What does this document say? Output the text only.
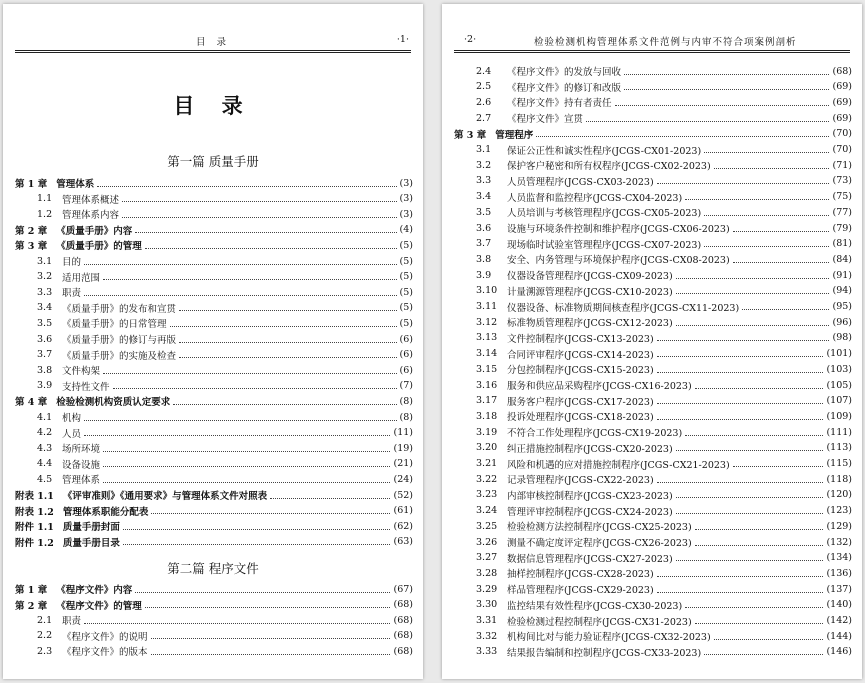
目 录	·1·
目 录
第一篇 质量手册
第 1 章 管理体系	(3)
1.1	管理体系概述	(3)
1.2	管理体系内容	(3)
第 2 章 《质量手册》内容	(4)
第 3 章 《质量手册》的管理	(5)
3.1	目的	(5)
3.2	适用范围	(5)
3.3	职责	(5)
3.4	《质量手册》的发布和宣贯	(5)
3.5	《质量手册》的日常管理	(5)
3.6	《质量手册》的修订与再版	(6)
3.7	《质量手册》的实施及检查	(6)
3.8	文件构架	(6)
3.9	支持性文件	(7)
第 4 章 检验检测机构资质认定要求	(8)
4.1	机构	(8)
4.2	人员	(11)
4.3	场所环境	(19)
4.4	设备设施	(21)
4.5	管理体系	(24)
附表 1.1 《评审准则》《通用要求》与管理体系文件对照表	(52)
附表 1.2 管理体系职能分配表	(61)
附件 1.1 质量手册封面	(62)
附件 1.2 质量手册目录	(63)
第二篇 程序文件
第 1 章 《程序文件》内容	(67)
第 2 章 《程序文件》的管理	(68)
2.1	职责	(68)
2.2	《程序文件》的说明	(68)
2.3	《程序文件》的版本	(68)
·2·	检验检测机构管理体系文件范例与内审不符合项案例剖析
2.4	《程序文件》的发放与回收	(68)
2.5	《程序文件》的修订和改版	(69)
2.6	《程序文件》持有者责任	(69)
2.7	《程序文件》宣贯	(69)
第 3 章 管理程序	(70)
3.1	保证公正性和诚实性程序(JCGS-CX01-2023)	(70)
3.2	保护客户秘密和所有权程序(JCGS-CX02-2023)	(71)
3.3	人员管理程序(JCGS-CX03-2023)	(73)
3.4	人员监督和监控程序(JCGS-CX04-2023)	(75)
3.5	人员培训与考核管理程序(JCGS-CX05-2023)	(77)
3.6	设施与环境条件控制和维护程序(JCGS-CX06-2023)	(79)
3.7	现场临时试验室管理程序(JCGS-CX07-2023)	(81)
3.8	安全、内务管理与环境保护程序(JCGS-CX08-2023)	(84)
3.9	仪器设备管理程序(JCGS-CX09-2023)	(91)
3.10	计量溯源管理程序(JCGS-CX10-2023)	(94)
3.11	仪器设备、标准物质期间核查程序(JCGS-CX11-2023)	(95)
3.12	标准物质管理程序(JCGS-CX12-2023)	(96)
3.13	文件控制程序(JCGS-CX13-2023)	(98)
3.14	合同评审程序(JCGS-CX14-2023)	(101)
3.15	分包控制程序(JCGS-CX15-2023)	(103)
3.16	服务和供应品采购程序(JCGS-CX16-2023)	(105)
3.17	服务客户程序(JCGS-CX17-2023)	(107)
3.18	投诉处理程序(JCGS-CX18-2023)	(109)
3.19	不符合工作处理程序(JCGS-CX19-2023)	(111)
3.20	纠正措施控制程序(JCGS-CX20-2023)	(113)
3.21	风险和机遇的应对措施控制程序(JCGS-CX21-2023)	(115)
3.22	记录管理程序(JCGS-CX22-2023)	(118)
3.23	内部审核控制程序(JCGS-CX23-2023)	(120)
3.24	管理评审控制程序(JCGS-CX24-2023)	(123)
3.25	检验检测方法控制程序(JCGS-CX25-2023)	(129)
3.26	测量不确定度评定程序(JCGS-CX26-2023)	(132)
3.27	数据信息管理程序(JCGS-CX27-2023)	(134)
3.28	抽样控制程序(JCGS-CX28-2023)	(136)
3.29	样品管理程序(JCGS-CX29-2023)	(137)
3.30	监控结果有效性程序(JCGS-CX30-2023)	(140)
3.31	检验检测过程控制程序(JCGS-CX31-2023)	(142)
3.32	机构间比对与能力验证程序(JCGS-CX32-2023)	(144)
3.33	结果报告编制和控制程序(JCGS-CX33-2023)	(146)
